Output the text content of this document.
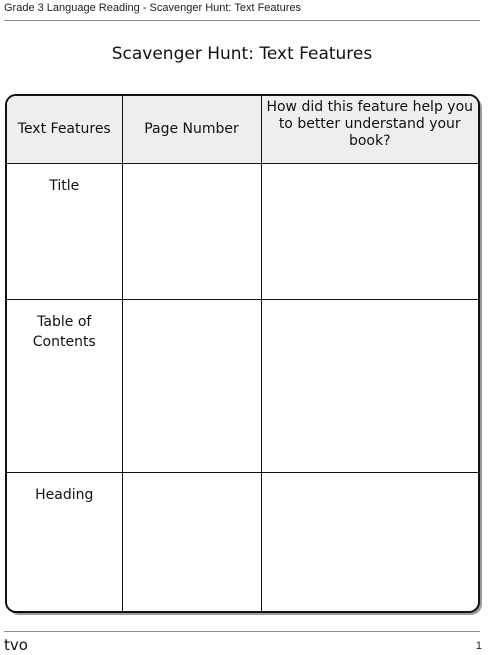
Grade 3 Language Reading - Scavenger Hunt: Text Features
Scavenger Hunt: Text Features
Text Features	Page Number	How did this feature help you to better understand your book?
Title		
Table of Contents		
Heading		
tvo	1
